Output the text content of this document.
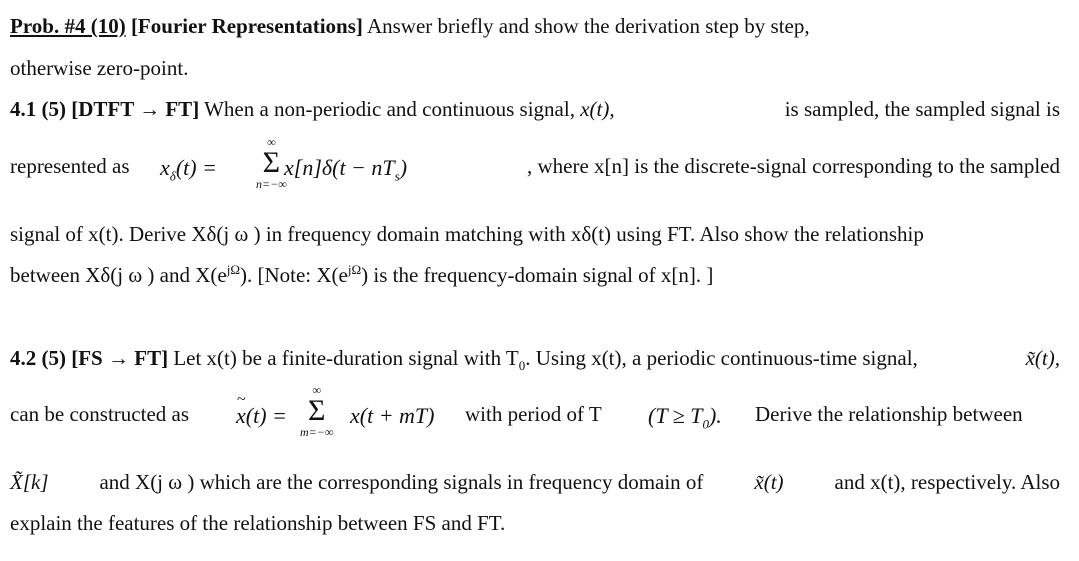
Prob. #4 (10) [Fourier Representations] Answer briefly and show the derivation step by step,
otherwise zero-point.
4.1 (5) [DTFT → FT] When a non-periodic and continuous signal, x(t),	is sampled, the sampled signal is
represented as $x_\delta(t)$ =
∞
Σ
n=−∞
$x[n]\delta(t - nT_s)$	, where x[n] is the discrete-signal corresponding to the sampled
signal of x(t). Derive Xδ(j ω ) in frequency domain matching with xδ(t) using FT. Also show the relationship
between Xδ(j ω ) and $X(e^{j\Omega})$. [Note: $X(e^{j\Omega})$ is the frequency-domain signal of x[n]. ]
4.2 (5) [FS → FT] Let x(t) be a finite-duration signal with $T_0$. Using x(t), a periodic continuous-time signal,	x̃(t),
can be constructed as
~ x(t) =
∞
Σ
m=−∞
x(t + mT) with period of T $(T \ge T_0)$. Derive the relationship between
X̃[k] and X(j ω ) which are the corresponding signals in frequency domain of x̃(t) and x(t), respectively. Also
explain the features of the relationship between FS and FT.
